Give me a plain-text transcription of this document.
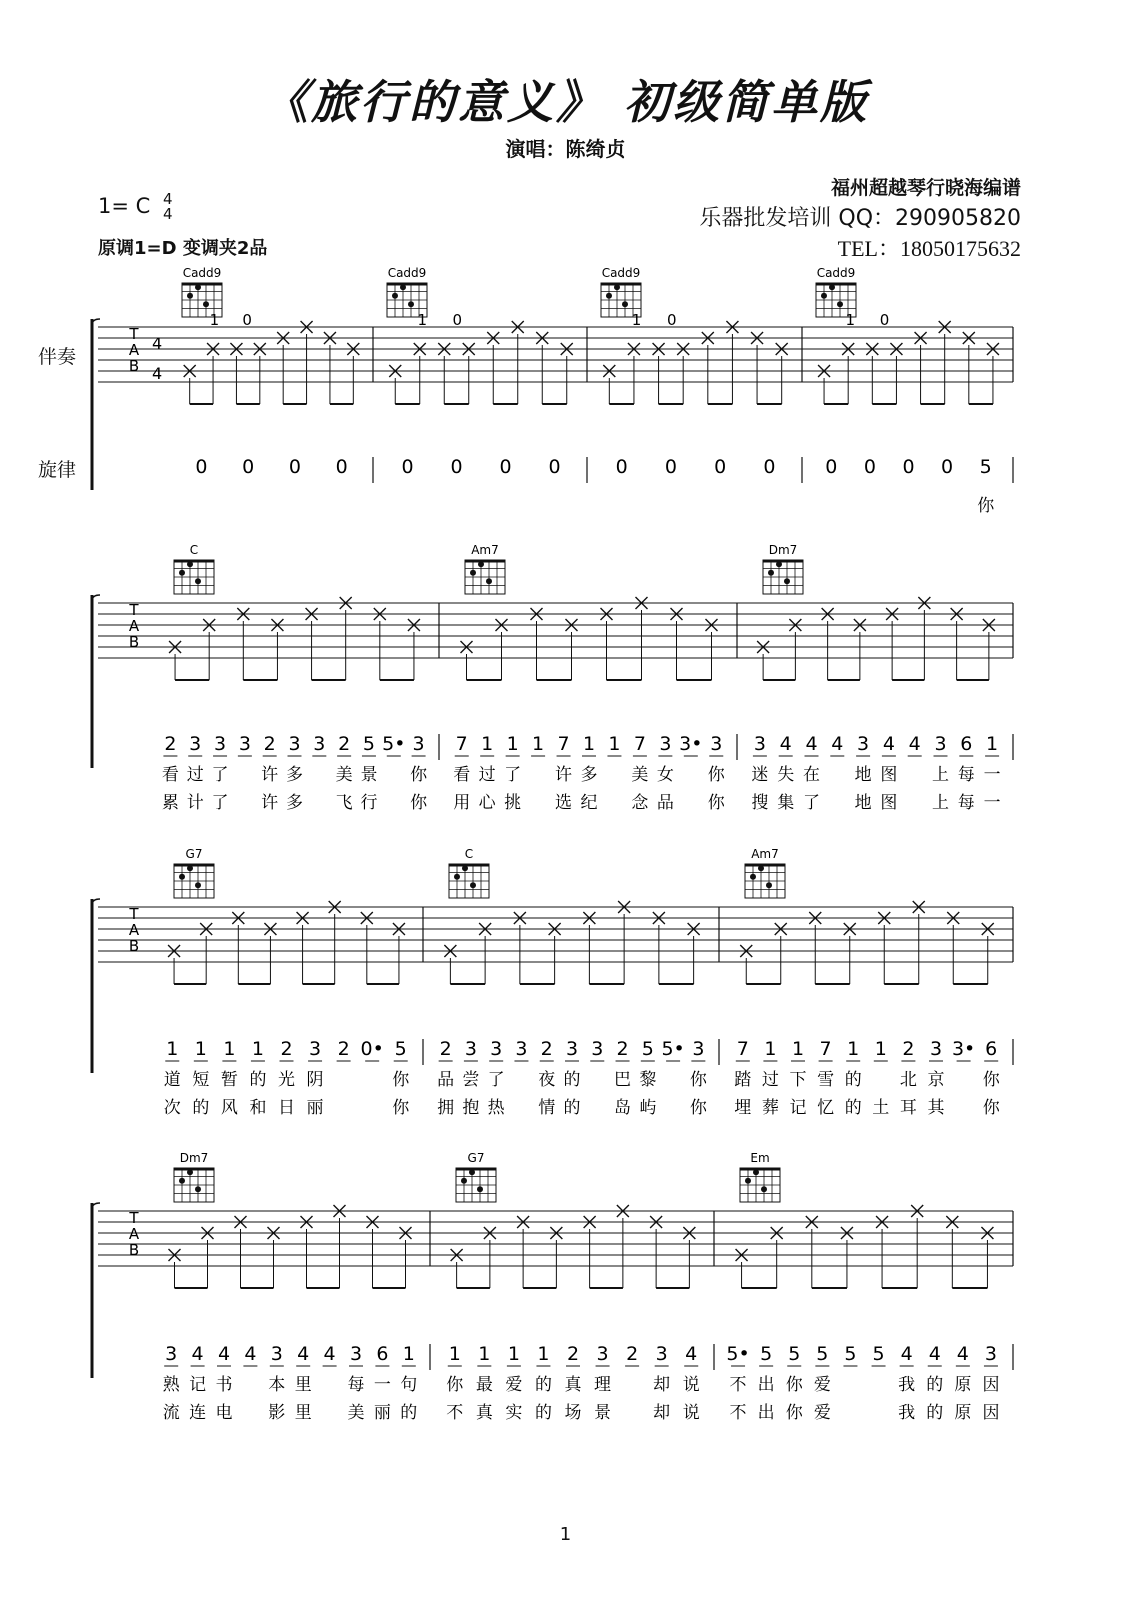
《旅行的意义》 初级简单版
演唱：陈绮贞
福州超越琴行晓海编谱
乐器批发培训 QQ：290905820
TEL：18050175632
1= C 4
4
原调1=D 变调夹2品
伴奏
旋律
T
A
B
4
4
Cadd9
1 0
0 0 0 0
Cadd9
1 0
0 0 0 0
Cadd9
1 0
0 0 0 0
Cadd9
1 0
0 0 0 0 5
你
T
A
B
C
2
看
累
3
过
计
3
了
了
3 2
许
许
3
多
多
3 2
美
飞
5
景
行
5• 3
你
你
Am7
7
看
用
1
过
心
1
了
挑
1 7
许
选
1
多
纪
1 7
美
念
3
女
品
3• 3
你
你
Dm7
3
迷
搜
4
失
集
4
在
了
4 3
地
地
4
图
图
4 3
上
上
6
每
每
1
一
一
T
A
B
G7
1
道
次
1
短
的
1
暂
风
1
的
和
2
光
日
3
阴
丽
2 0• 5
你
你
C
2
品
拥
3
尝
抱
3
了
热
3 2
夜
情
3
的
的
3 2
巴
岛
5
黎
屿
5• 3
你
你
Am7
7
踏
埋
1
过
葬
1
下
记
7
雪
忆
1
的
的
1
土
2
北
耳
3
京
其
3• 6
你
你
T
A
B
Dm7
3
熟
流
4
记
连
4
书
电
4 3
本
影
4
里
里
4 3
每
美
6
一
丽
1
句
的
G7
1
你
不
1
最
真
1
爱
实
1
的
的
2
真
场
3
理
景
2 3
却
却
4
说
说
Em
5•
不
不
5
出
出
5
你
你
5
爱
爱
5 5 4
我
我
4
的
的
4
原
原
3
因
因
1
